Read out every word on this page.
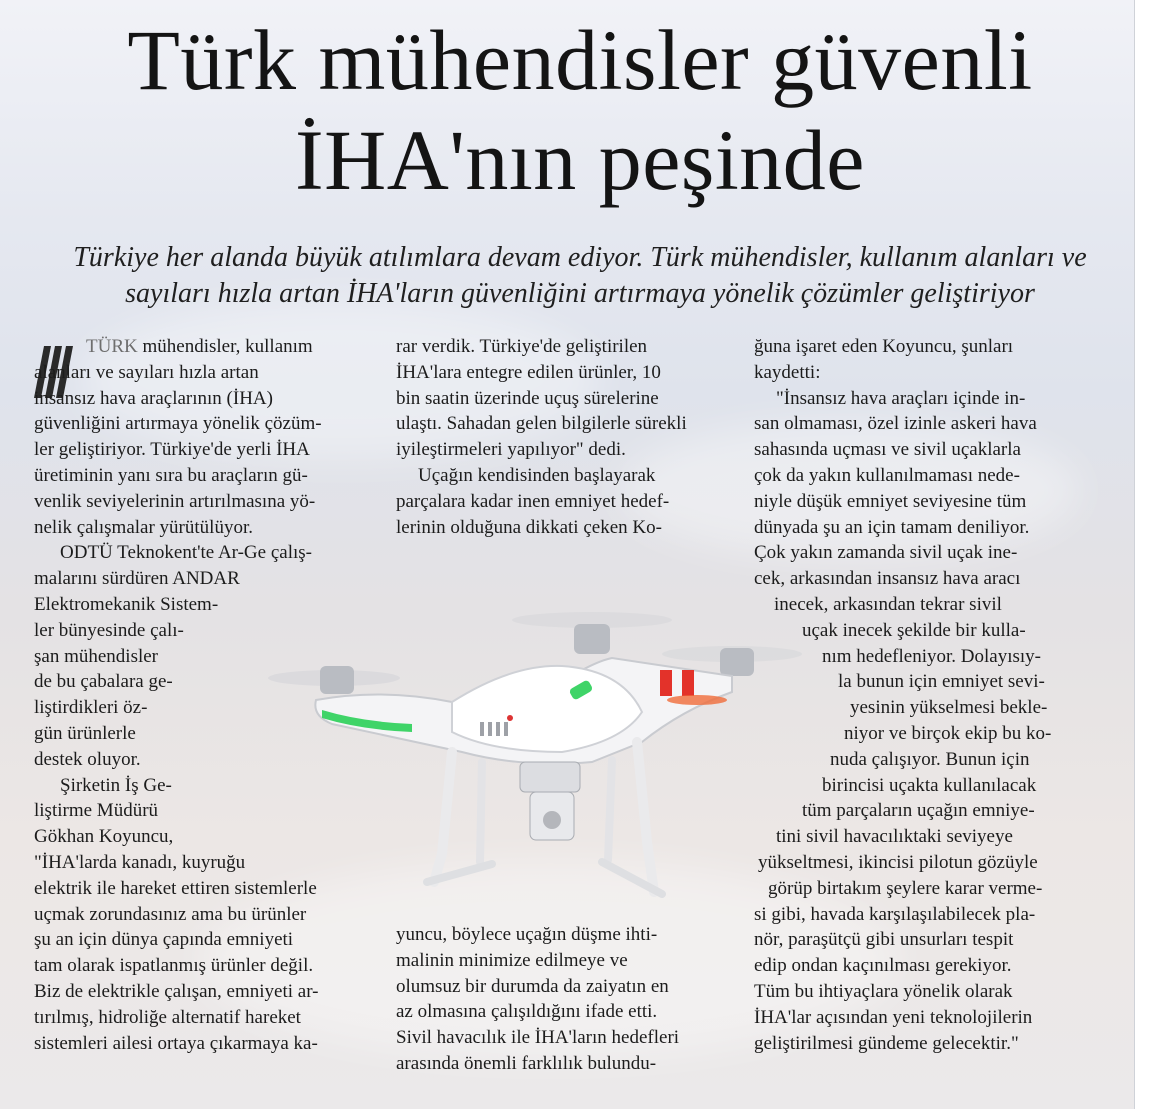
Türk mühendisler güvenli
İHA'nın peşinde
Türkiye her alanda büyük atılımlara devam ediyor. Türk mühendisler, kullanım alanları ve
sayıları hızla artan İHA'ların güvenliğini artırmaya yönelik çözümler geliştiriyor

TÜRK mühendisler, kullanım

alanları ve sayıları hızla artan

insansız hava araçlarının (İHA)

güvenliğini artırmaya yönelik çözüm-

ler geliştiriyor. Türkiye'de yerli İHA

üretiminin yanı sıra bu araçların gü-

venlik seviyelerinin artırılmasına yö-

nelik çalışmalar yürütülüyor.

ODTÜ Teknokent'te Ar-Ge çalış-

malarını sürdüren ANDAR

Elektromekanik Sistem-

ler bünyesinde çalı-

şan mühendisler

de bu çabalara ge-

liştirdikleri öz-

gün ürünlerle

destek oluyor.

Şirketin İş Ge-

liştirme Müdürü

Gökhan Koyuncu,

"İHA'larda kanadı, kuyruğu

elektrik ile hareket ettiren sistemlerle

uçmak zorundasınız ama bu ürünler

şu an için dünya çapında emniyeti

tam olarak ispatlanmış ürünler değil.

Biz de elektrikle çalışan, emniyeti ar-

tırılmış, hidroliğe alternatif hareket

sistemleri ailesi ortaya çıkarmaya ka-

rar verdik. Türkiye'de geliştirilen

İHA'lara entegre edilen ürünler, 10

bin saatin üzerinde uçuş sürelerine

ulaştı. Sahadan gelen bilgilerle sürekli

iyileştirmeleri yapılıyor" dedi.

Uçağın kendisinden başlayarak

parçalara kadar inen emniyet hedef-

lerinin olduğuna dikkati çeken Ko-

yuncu, böylece uçağın düşme ihti-

malinin minimize edilmeye ve

olumsuz bir durumda da zaiyatın en

az olmasına çalışıldığını ifade etti.

Sivil havacılık ile İHA'ların hedefleri

arasında önemli farklılık bulundu-

ğuna işaret eden Koyuncu, şunları

kaydetti:

"İnsansız hava araçları içinde in-

san olmaması, özel izinle askeri hava

sahasında uçması ve sivil uçaklarla

çok da yakın kullanılmaması nede-

niyle düşük emniyet seviyesine tüm

dünyada şu an için tamam deniliyor.

Çok yakın zamanda sivil uçak ine-

cek, arkasından insansız hava aracı

inecek, arkasından tekrar sivil

uçak inecek şekilde bir kulla-

nım hedefleniyor. Dolayısıy-

la bunun için emniyet sevi-

yesinin yükselmesi bekle-

niyor ve birçok ekip bu ko-

nuda çalışıyor. Bunun için

birincisi uçakta kullanılacak

tüm parçaların uçağın emniye-

tini sivil havacılıktaki seviyeye

yükseltmesi, ikincisi pilotun gözüyle

görüp birtakım şeylere karar verme-

si gibi, havada karşılaşılabilecek pla-

nör, paraşütçü gibi unsurları tespit

edip ondan kaçınılması gerekiyor.

Tüm bu ihtiyaçlara yönelik olarak

İHA'lar açısından yeni teknolojilerin

geliştirilmesi gündeme gelecektir."
